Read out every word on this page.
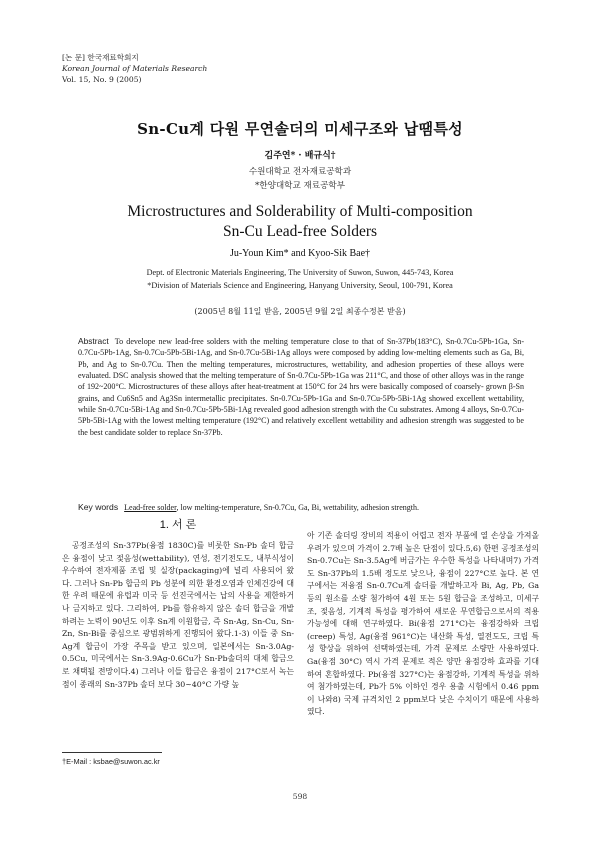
[논 문] 한국재료학회지
Korean Journal of Materials Research
Vol. 15, No. 9 (2005)
Sn-Cu계 다원 무연솔더의 미세구조와 납땜특성
김주연* · 배규식†
수원대학교 전자재료공학과
*한양대학교 재료공학부
Microstructures and Solderability of Multi-composition
Sn-Cu Lead-free Solders
Ju-Youn Kim* and Kyoo-Sik Bae†
Dept. of Electronic Materials Engineering, The University of Suwon, Suwon, 445-743, Korea
*Division of Materials Science and Engineering, Hanyang University, Seoul, 100-791, Korea
(2005년 8월 11일 받음, 2005년 9월 2일 최종수정본 받음)
Abstract To develope new lead-free solders with the melting temperature close to that of Sn-37Pb(183°C), Sn-0.7Cu-5Pb-1Ga, Sn-0.7Cu-5Pb-1Ag, Sn-0.7Cu-5Pb-5Bi-1Ag, and Sn-0.7Cu-5Bi-1Ag alloys were composed by adding low-melting elements such as Ga, Bi, Pb, and Ag to Sn-0.7Cu. Then the melting temperatures, microstructures, wettability, and adhesion properties of these alloys were evaluated. DSC analysis showed that the melting temperature of Sn-0.7Cu-5Pb-1Ga was 211°C, and those of other alloys was in the range of 192~200°C. Microstructures of these alloys after heat-treatment at 150°C for 24 hrs were basically composed of coarsely- grown β-Sn grains, and Cu6Sn5 and Ag3Sn intermetallic precipitates. Sn-0.7Cu-5Pb-1Ga and Sn-0.7Cu-5Pb-5Bi-1Ag showed excellent wettability, while Sn-0.7Cu-5Bi-1Ag and Sn-0.7Cu-5Pb-5Bi-1Ag revealed good adhesion strength with the Cu substrates. Among 4 alloys, Sn-0.7Cu-5Pb-5Bi-1Ag with the lowest melting temperature (192°C) and relatively excellent wettability and adhesion strength was suggested to be the best candidate solder to replace Sn-37Pb.
Key words Lead-free solder, low melting-temperature, Sn-0.7Cu, Ga, Bi, wettability, adhesion strength.
1. 서 론

공정조성의 Sn-37Pb(융점 1830C)를 비롯한 Sn-Pb 솔더 합금은 융점이 낮고 젖음성(wettability), 연성, 전기전도도, 내부식성이 우수하여 전자제품 조립 및 실장(packaging)에 널리 사용되어 왔다. 그러나 Sn-Pb 합금의 Pb 성분에 의한 환경오염과 인체건강에 대한 우려 때문에 유럽과 미국 등 선진국에서는 납의 사용을 제한하거나 금지하고 있다. 그리하여, Pb를 함유하지 않은 솔더 합금을 개발하려는 노력이 90년도 이후 Sn계 이원합금, 즉 Sn-Ag, Sn-Cu, Sn-Zn, Sn-Bi를 중심으로 광범위하게 진행되어 왔다.1-3) 이들 중 Sn-Ag계 합금이 가장 주목을 받고 있으며, 일본에서는 Sn-3.0Ag-0.5Cu, 미국에서는 Sn-3.9Ag-0.6Cu가 Sn-Pb솔더의 대체 합금으로 채택될 전망이다.4) 그러나 이들 합금은 융점이 217°C로서 녹는점이 종래의 Sn-37Pb 솔더 보다 30~40°C 가량 높

아 기존 솔더링 장비의 적용이 어렵고 전자 부품에 열 손상을 가져올 우려가 있으며 가격이 2.7배 높은 단점이 있다.5,6) 한편 공정조성의 Sn-0.7Cu는 Sn-3.5Ag에 버금가는 우수한 특성을 나타내며7) 가격도 Sn-37Pb의 1.5배 정도로 낮으나, 융점이 227°C로 높다. 본 연구에서는 저융점 Sn-0.7Cu계 솔더를 개발하고자 Bi, Ag, Pb, Ga 등의 원소를 소량 첨가하여 4원 또는 5원 합금을 조성하고, 미세구조, 젖음성, 기계적 특성을 평가하여 새로운 무연합금으로서의 적용가능성에 대해 연구하였다. Bi(융점 271°C)는 융점강하와 크립(creep) 특성, Ag(융점 961°C)는 내산화 특성, 열전도도, 크립 특성 향상을 위하여 선택하였는데, 가격 문제로 소량만 사용하였다. Ga(융점 30°C) 역시 가격 문제로 적은 양만 융점강하 효과를 기대하여 혼합하였다. Pb(융점 327°C)는 융점강하, 기계적 특성을 위하여 첨가하였는데, Pb가 5% 이하인 경우 용출 시험에서 0.46 ppm이 나와8) 국제 규격치인 2 ppm보다 낮은 수치이기 때문에 사용하였다.

†E-Mail : ksbae@suwon.ac.kr
598
